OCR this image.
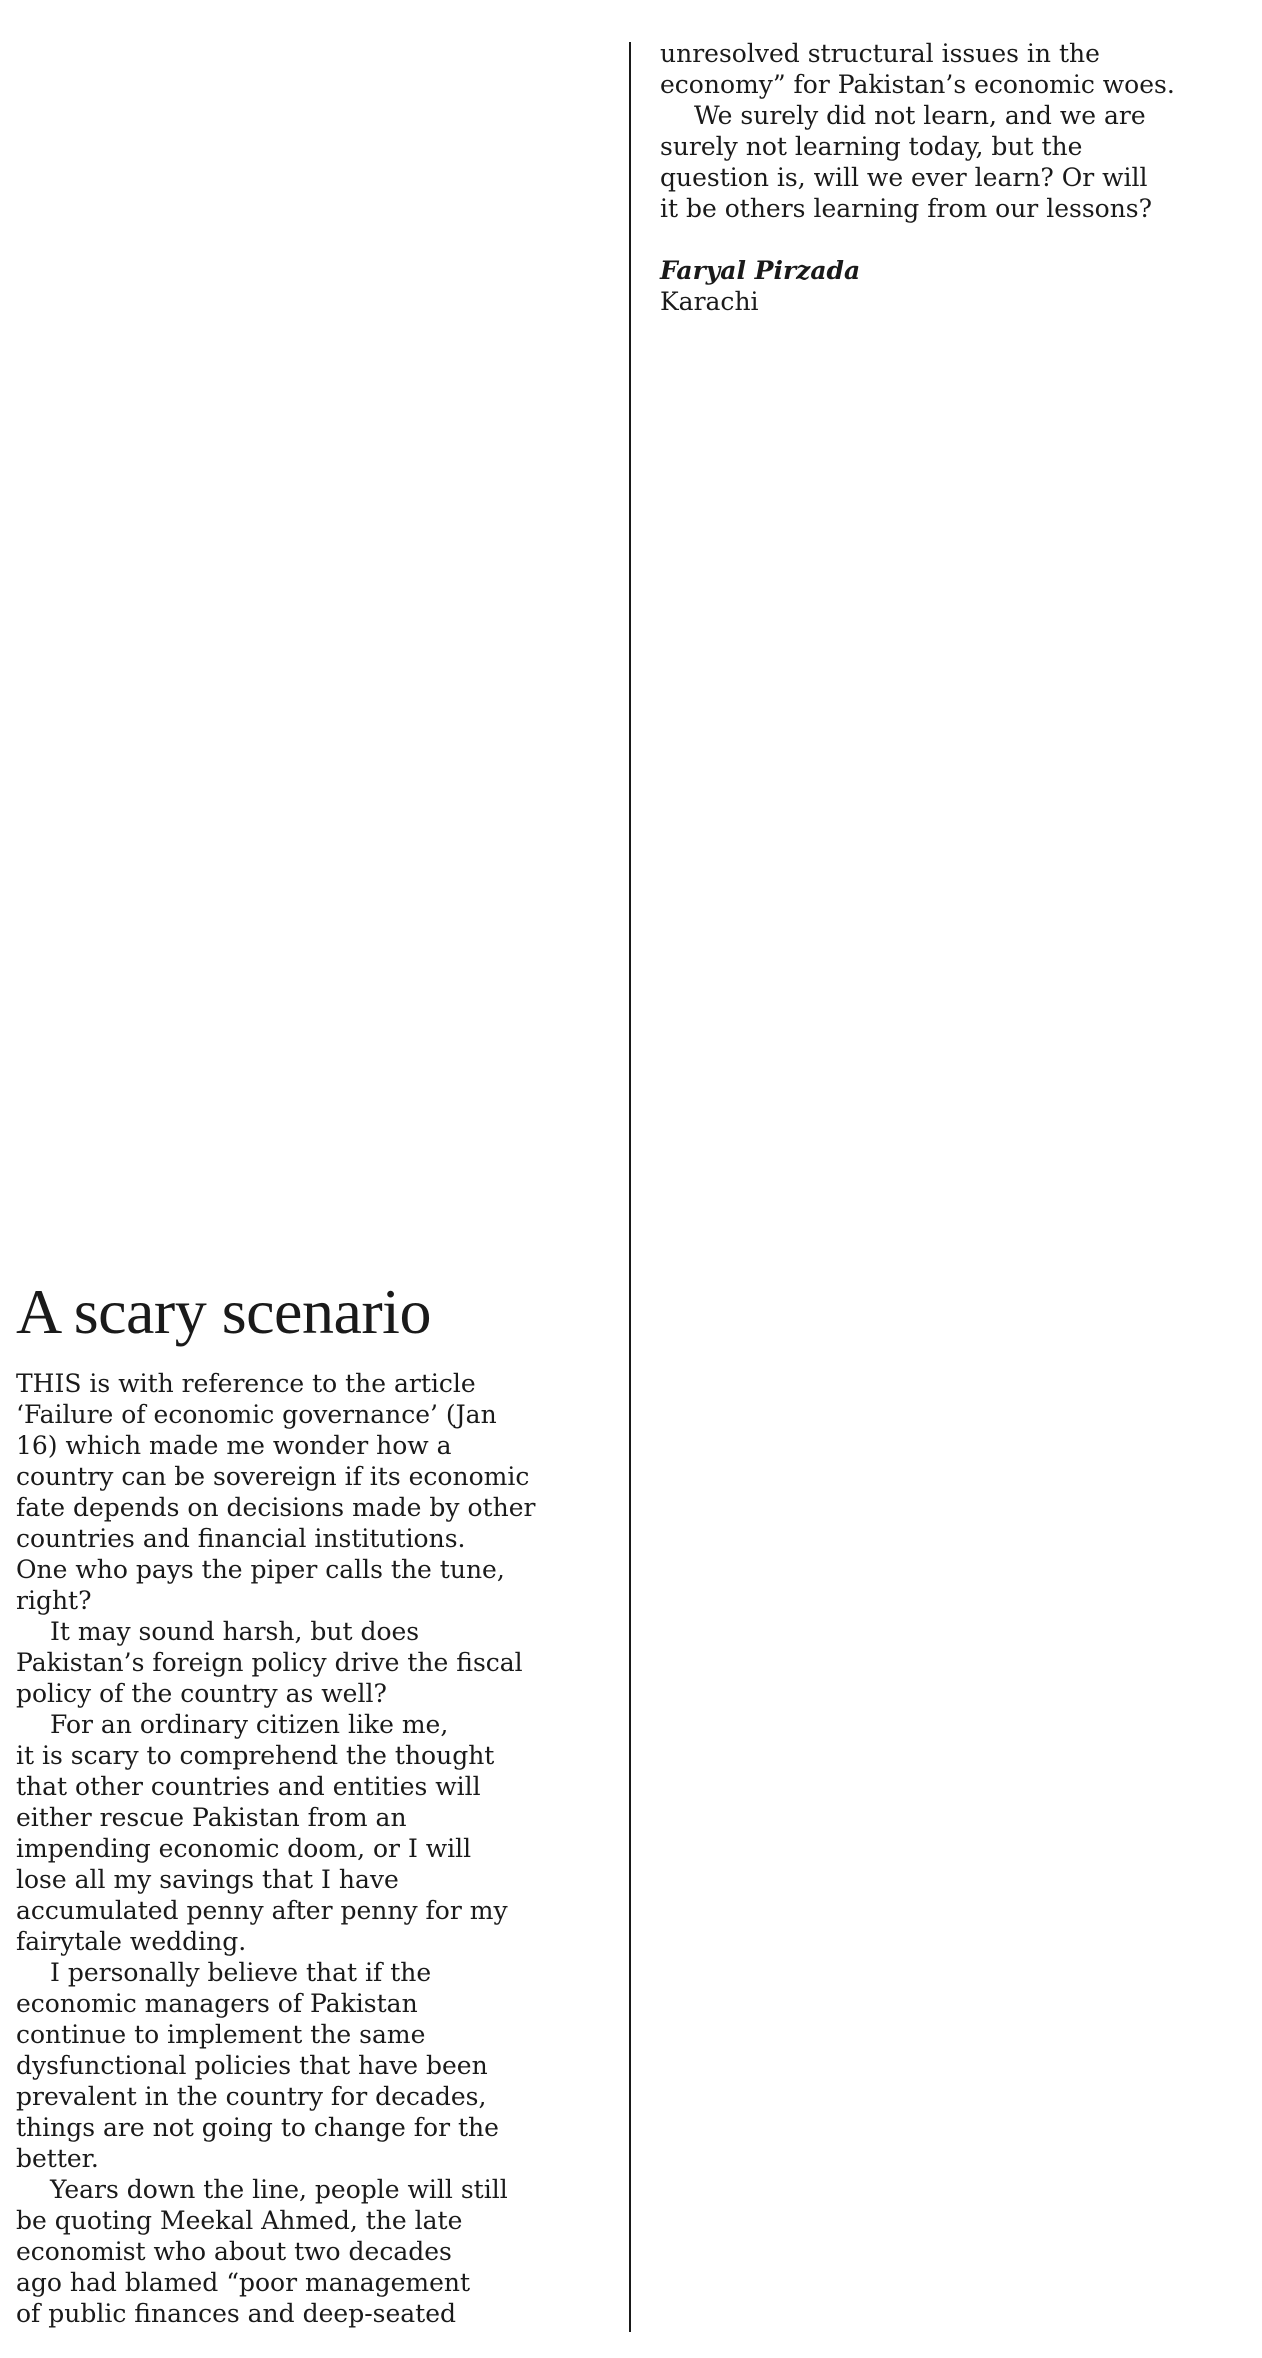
A scary scenario
THIS is with reference to the article
‘Failure of economic governance’ (Jan
16) which made me wonder how a
country can be sovereign if its economic
fate depends on decisions made by other
countries and financial institutions.
One who pays the piper calls the tune,
right?
It may sound harsh, but does
Pakistan’s foreign policy drive the fiscal
policy of the country as well?
For an ordinary citizen like me,
it is scary to comprehend the thought
that other countries and entities will
either rescue Pakistan from an
impending economic doom, or I will
lose all my savings that I have
accumulated penny after penny for my
fairytale wedding.
I personally believe that if the
economic managers of Pakistan
continue to implement the same
dysfunctional policies that have been
prevalent in the country for decades,
things are not going to change for the
better.
Years down the line, people will still
be quoting Meekal Ahmed, the late
economist who about two decades
ago had blamed “poor management
of public finances and deep-seated
unresolved structural issues in the
economy” for Pakistan’s economic woes.
We surely did not learn, and we are
surely not learning today, but the
question is, will we ever learn? Or will
it be others learning from our lessons?
Faryal Pirzada
Karachi
